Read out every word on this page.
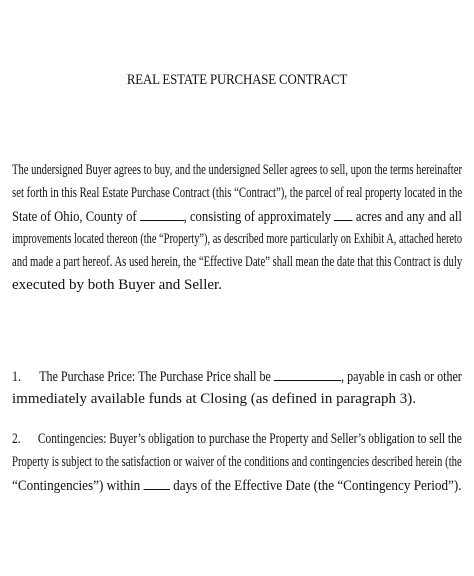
REAL ESTATE PURCHASE CONTRACT
The undersigned Buyer agrees to buy, and the undersigned Seller agrees to sell, upon the terms hereinafter
set forth in this Real Estate Purchase Contract (this “Contract”), the parcel of real property located in the
State of Ohio, County of	, consisting of approximately acres and any and all
improvements located thereon (the “Property”), as described more particularly on Exhibit A, attached hereto
and made a part hereof. As used herein, the “Effective Date” shall mean the date that this Contract is duly
executed by both Buyer and Seller.
1. The Purchase Price: The Purchase Price shall be	, payable in cash or other
immediately available funds at Closing (as defined in paragraph 3).
2. Contingencies: Buyer’s obligation to purchase the Property and Seller’s obligation to sell the
Property is subject to the satisfaction or waiver of the conditions and contingencies described herein (the
“Contingencies”) within days of the Effective Date (the “Contingency Period”).
